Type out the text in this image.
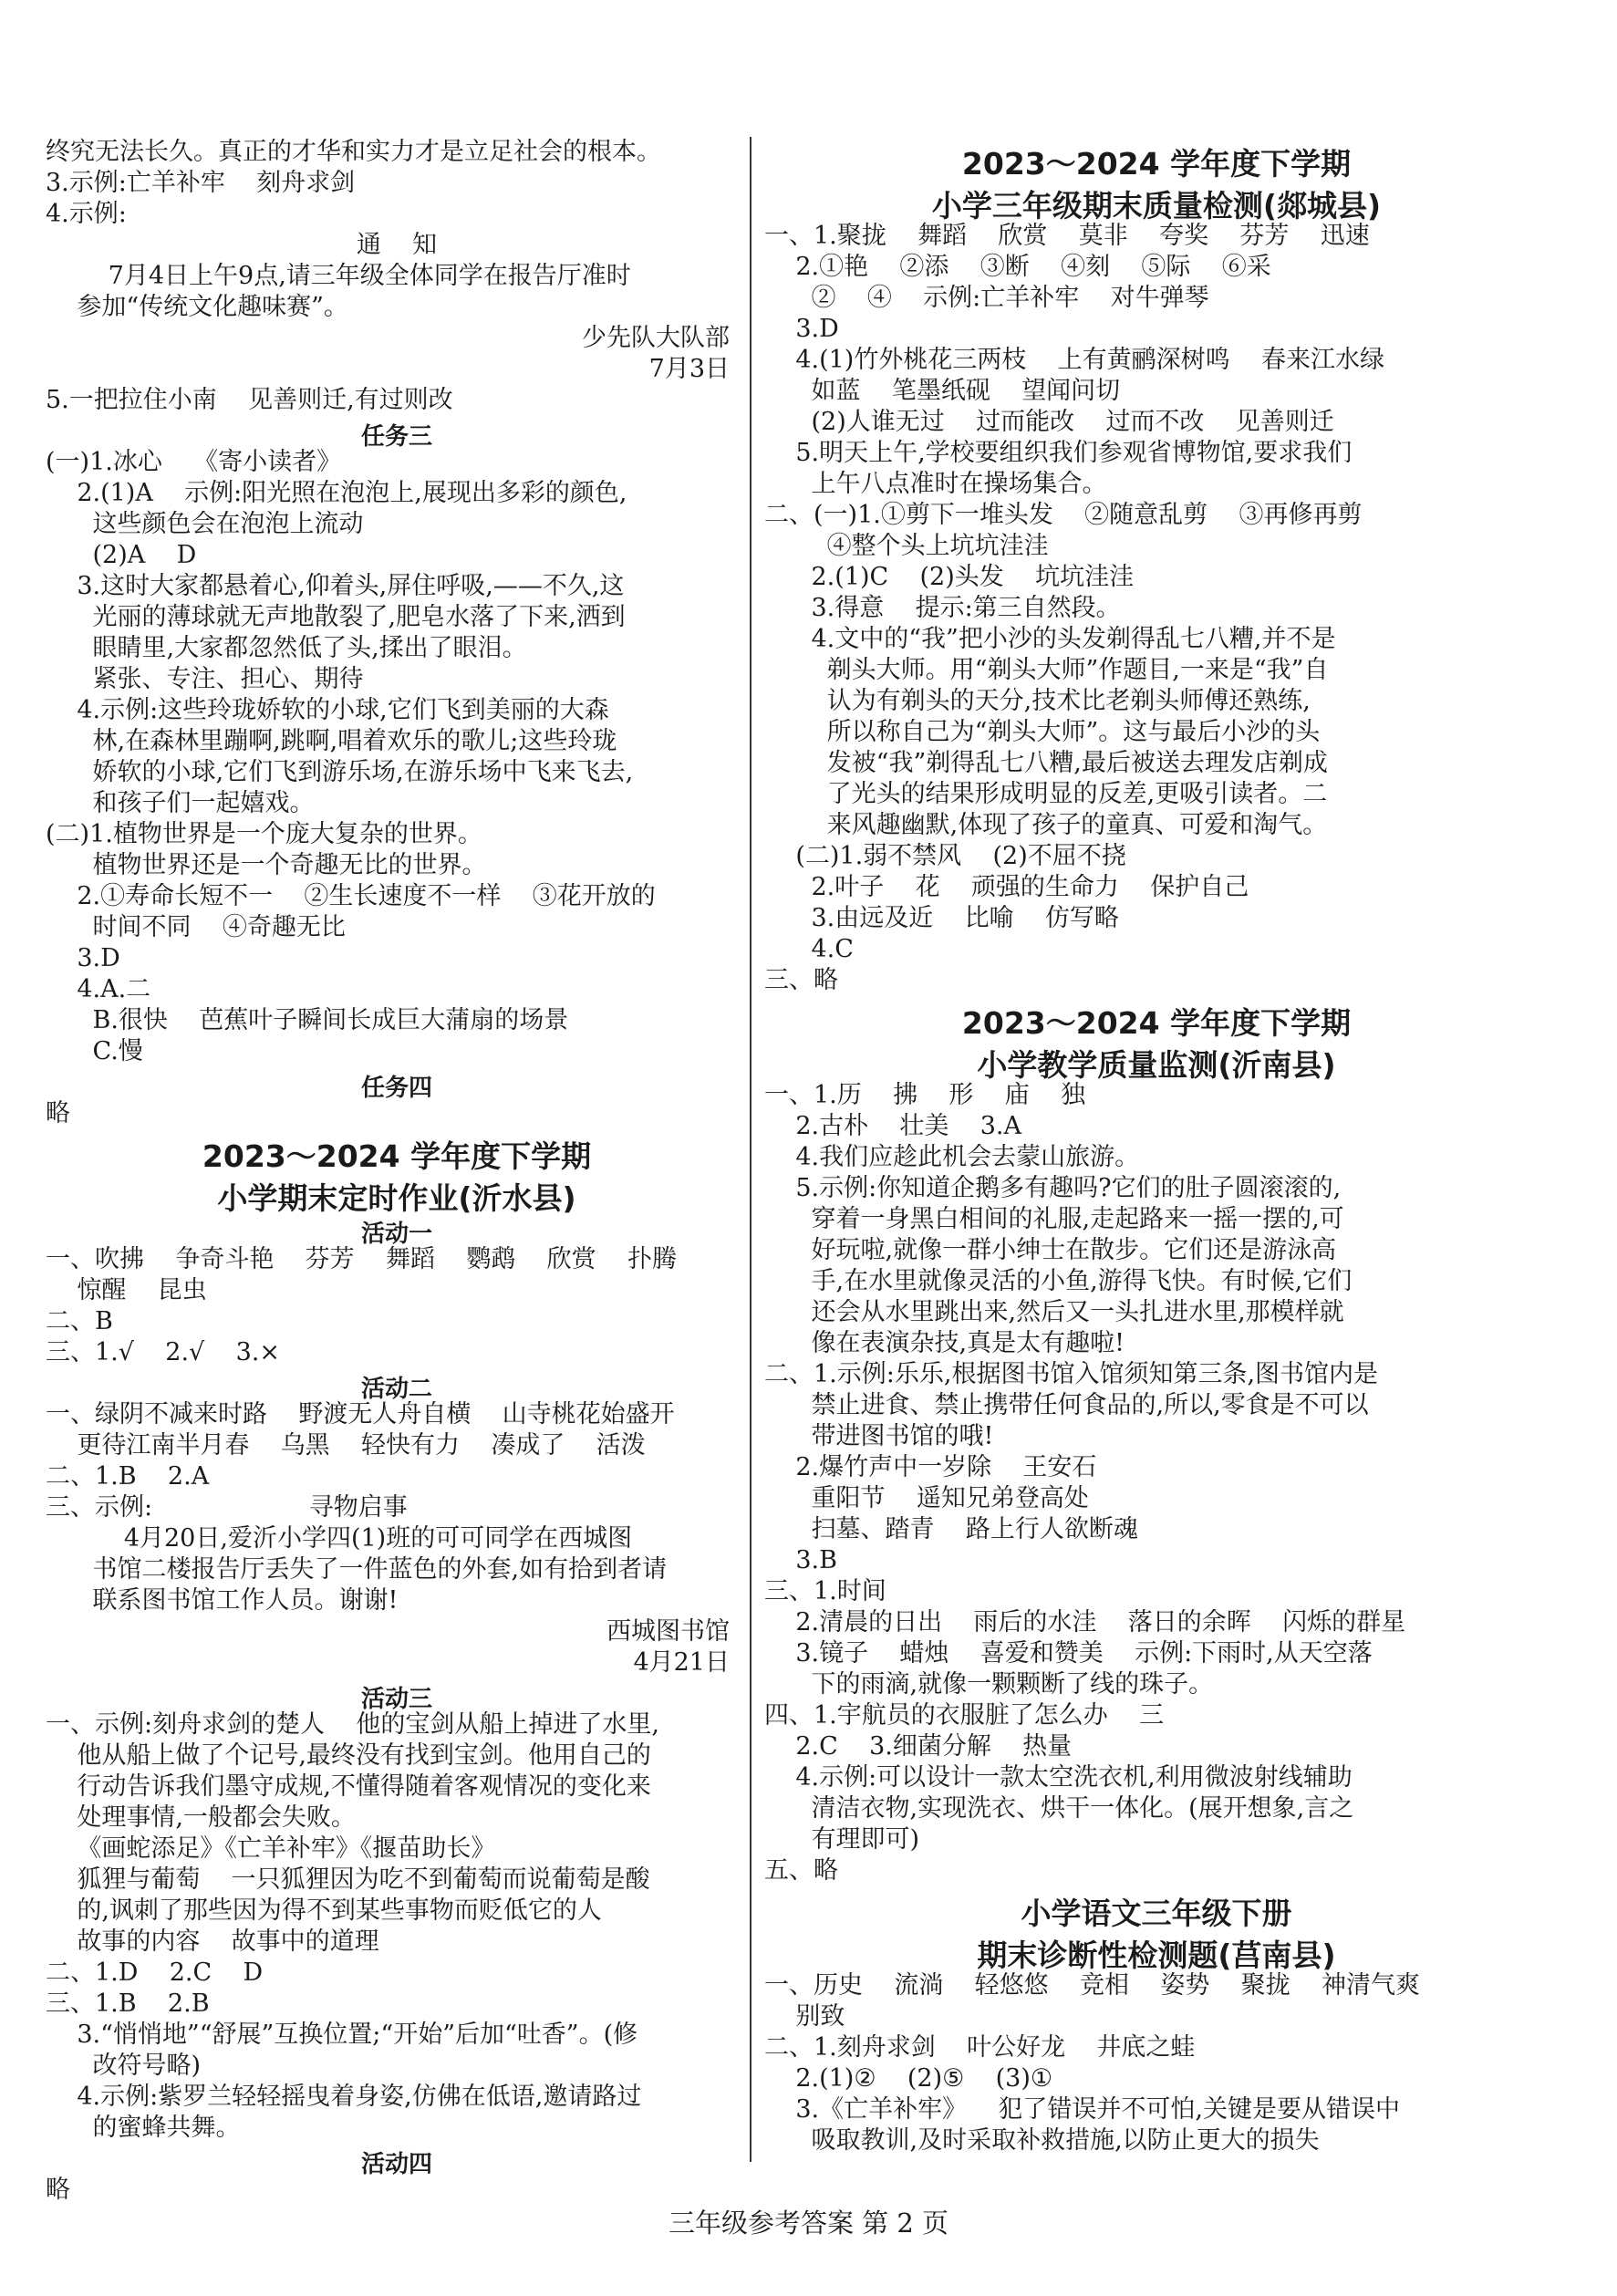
终究无法长久。真正的才华和实力才是立足社会的根本。
3.示例:亡羊补牢    刻舟求剑
4.示例:
通    知
7月4日上午9点,请三年级全体同学在报告厅准时
参加“传统文化趣味赛”。
少先队大队部
7月3日
5.一把拉住小南    见善则迁,有过则改
任务三
(一)1.冰心    《寄小读者》
2.(1)A    示例:阳光照在泡泡上,展现出多彩的颜色,
这些颜色会在泡泡上流动
(2)A    D
3.这时大家都悬着心,仰着头,屏住呼吸,——不久,这
光丽的薄球就无声地散裂了,肥皂水落了下来,洒到
眼睛里,大家都忽然低了头,揉出了眼泪。
紧张、专注、担心、期待
4.示例:这些玲珑娇软的小球,它们飞到美丽的大森
林,在森林里蹦啊,跳啊,唱着欢乐的歌儿;这些玲珑
娇软的小球,它们飞到游乐场,在游乐场中飞来飞去,
和孩子们一起嬉戏。
(二)1.植物世界是一个庞大复杂的世界。
植物世界还是一个奇趣无比的世界。
2.①寿命长短不一    ②生长速度不一样    ③花开放的
时间不同    ④奇趣无比
3.D
4.A.二
B.很快    芭蕉叶子瞬间长成巨大蒲扇的场景
C.慢
任务四
略
2023～2024 学年度下学期
小学期末定时作业(沂水县)
活动一
一、吹拂    争奇斗艳    芬芳    舞蹈    鹦鹉    欣赏    扑腾
惊醒    昆虫
二、B
三、1.√    2.√    3.×
活动二
一、绿阴不减来时路    野渡无人舟自横    山寺桃花始盛开
更待江南半月春    乌黑    轻快有力    凑成了    活泼
二、1.B    2.A
三、示例:                    寻物启事
4月20日,爱沂小学四(1)班的可可同学在西城图
书馆二楼报告厅丢失了一件蓝色的外套,如有拾到者请
联系图书馆工作人员。谢谢!
西城图书馆
4月21日
活动三
一、示例:刻舟求剑的楚人    他的宝剑从船上掉进了水里,
他从船上做了个记号,最终没有找到宝剑。他用自己的
行动告诉我们墨守成规,不懂得随着客观情况的变化来
处理事情,一般都会失败。
《画蛇添足》《亡羊补牢》《揠苗助长》
狐狸与葡萄    一只狐狸因为吃不到葡萄而说葡萄是酸
的,讽刺了那些因为得不到某些事物而贬低它的人
故事的内容    故事中的道理
二、1.D    2.C    D
三、1.B    2.B
3.“悄悄地”“舒展”互换位置;“开始”后加“吐香”。(修
改符号略)
4.示例:紫罗兰轻轻摇曳着身姿,仿佛在低语,邀请路过
的蜜蜂共舞。
活动四
略
2023～2024 学年度下学期
小学三年级期末质量检测(郯城县)
一、1.聚拢    舞蹈    欣赏    莫非    夸奖    芬芳    迅速
2.①艳    ②添    ③断    ④刻    ⑤际    ⑥采
②    ④    示例:亡羊补牢    对牛弹琴
3.D
4.(1)竹外桃花三两枝    上有黄鹂深树鸣    春来江水绿
如蓝    笔墨纸砚    望闻问切
(2)人谁无过    过而能改    过而不改    见善则迁
5.明天上午,学校要组织我们参观省博物馆,要求我们
上午八点准时在操场集合。
二、(一)1.①剪下一堆头发    ②随意乱剪    ③再修再剪
④整个头上坑坑洼洼
2.(1)C    (2)头发    坑坑洼洼
3.得意    提示:第三自然段。
4.文中的“我”把小沙的头发剃得乱七八糟,并不是
剃头大师。用“剃头大师”作题目,一来是“我”自
认为有剃头的天分,技术比老剃头师傅还熟练,
所以称自己为“剃头大师”。这与最后小沙的头
发被“我”剃得乱七八糟,最后被送去理发店剃成
了光头的结果形成明显的反差,更吸引读者。二
来风趣幽默,体现了孩子的童真、可爱和淘气。
(二)1.弱不禁风    (2)不屈不挠
2.叶子    花    顽强的生命力    保护自己
3.由远及近    比喻    仿写略
4.C
三、略
2023～2024 学年度下学期
小学教学质量监测(沂南县)
一、1.历    拂    形    庙    独
2.古朴    壮美    3.A
4.我们应趁此机会去蒙山旅游。
5.示例:你知道企鹅多有趣吗?它们的肚子圆滚滚的,
穿着一身黑白相间的礼服,走起路来一摇一摆的,可
好玩啦,就像一群小绅士在散步。它们还是游泳高
手,在水里就像灵活的小鱼,游得飞快。有时候,它们
还会从水里跳出来,然后又一头扎进水里,那模样就
像在表演杂技,真是太有趣啦!
二、1.示例:乐乐,根据图书馆入馆须知第三条,图书馆内是
禁止进食、禁止携带任何食品的,所以,零食是不可以
带进图书馆的哦!
2.爆竹声中一岁除    王安石
重阳节    遥知兄弟登高处
扫墓、踏青    路上行人欲断魂
3.B
三、1.时间
2.清晨的日出    雨后的水洼    落日的余晖    闪烁的群星
3.镜子    蜡烛    喜爱和赞美    示例:下雨时,从天空落
下的雨滴,就像一颗颗断了线的珠子。
四、1.宇航员的衣服脏了怎么办    三
2.C    3.细菌分解    热量
4.示例:可以设计一款太空洗衣机,利用微波射线辅助
清洁衣物,实现洗衣、烘干一体化。(展开想象,言之
有理即可)
五、略
小学语文三年级下册
期末诊断性检测题(莒南县)
一、历史    流淌    轻悠悠    竞相    姿势    聚拢    神清气爽
别致
二、1.刻舟求剑    叶公好龙    井底之蛙
2.(1)②    (2)⑤    (3)①
3.《亡羊补牢》    犯了错误并不可怕,关键是要从错误中
吸取教训,及时采取补救措施,以防止更大的损失
三年级参考答案 第 2 页
